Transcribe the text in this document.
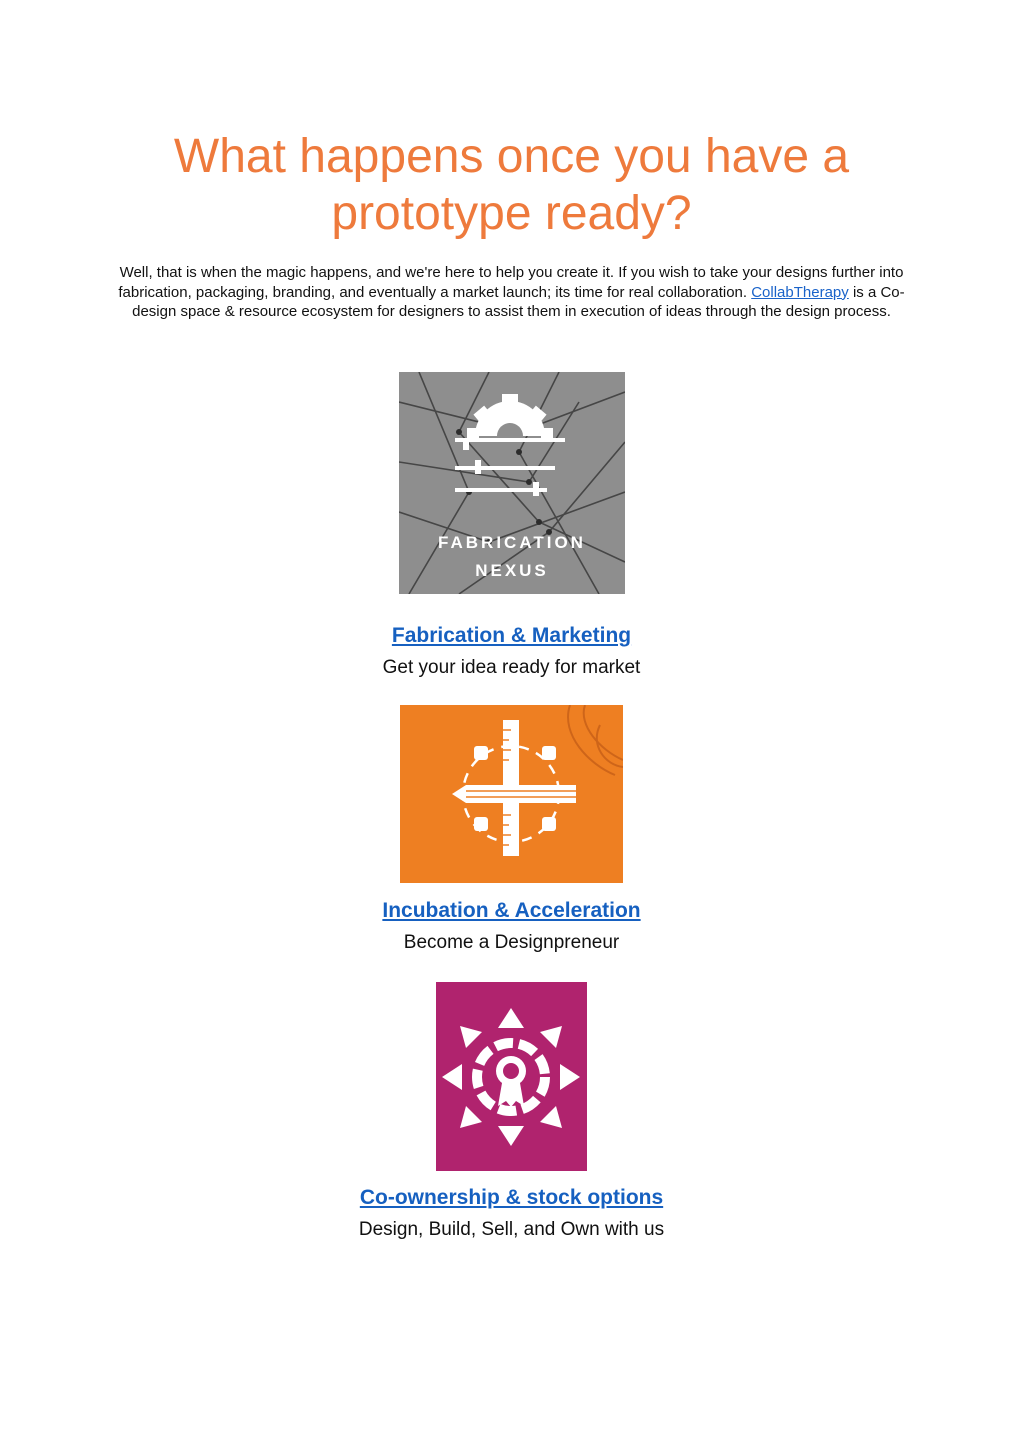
What happens once you have a
prototype ready?

Well, that is when the magic happens, and we're here to help you create it. If you wish to take your designs further into fabrication, packaging, branding, and eventually a market launch; its time for real collaboration. CollabTherapy is a Co-design space & resource ecosystem for designers to assist them in execution of ideas through the design process.

FABRICATION
NEXUS
Fabrication & Marketing
Get your idea ready for market
Incubation & Acceleration
Become a Designpreneur
Co-ownership & stock options
Design, Build, Sell, and Own with us
